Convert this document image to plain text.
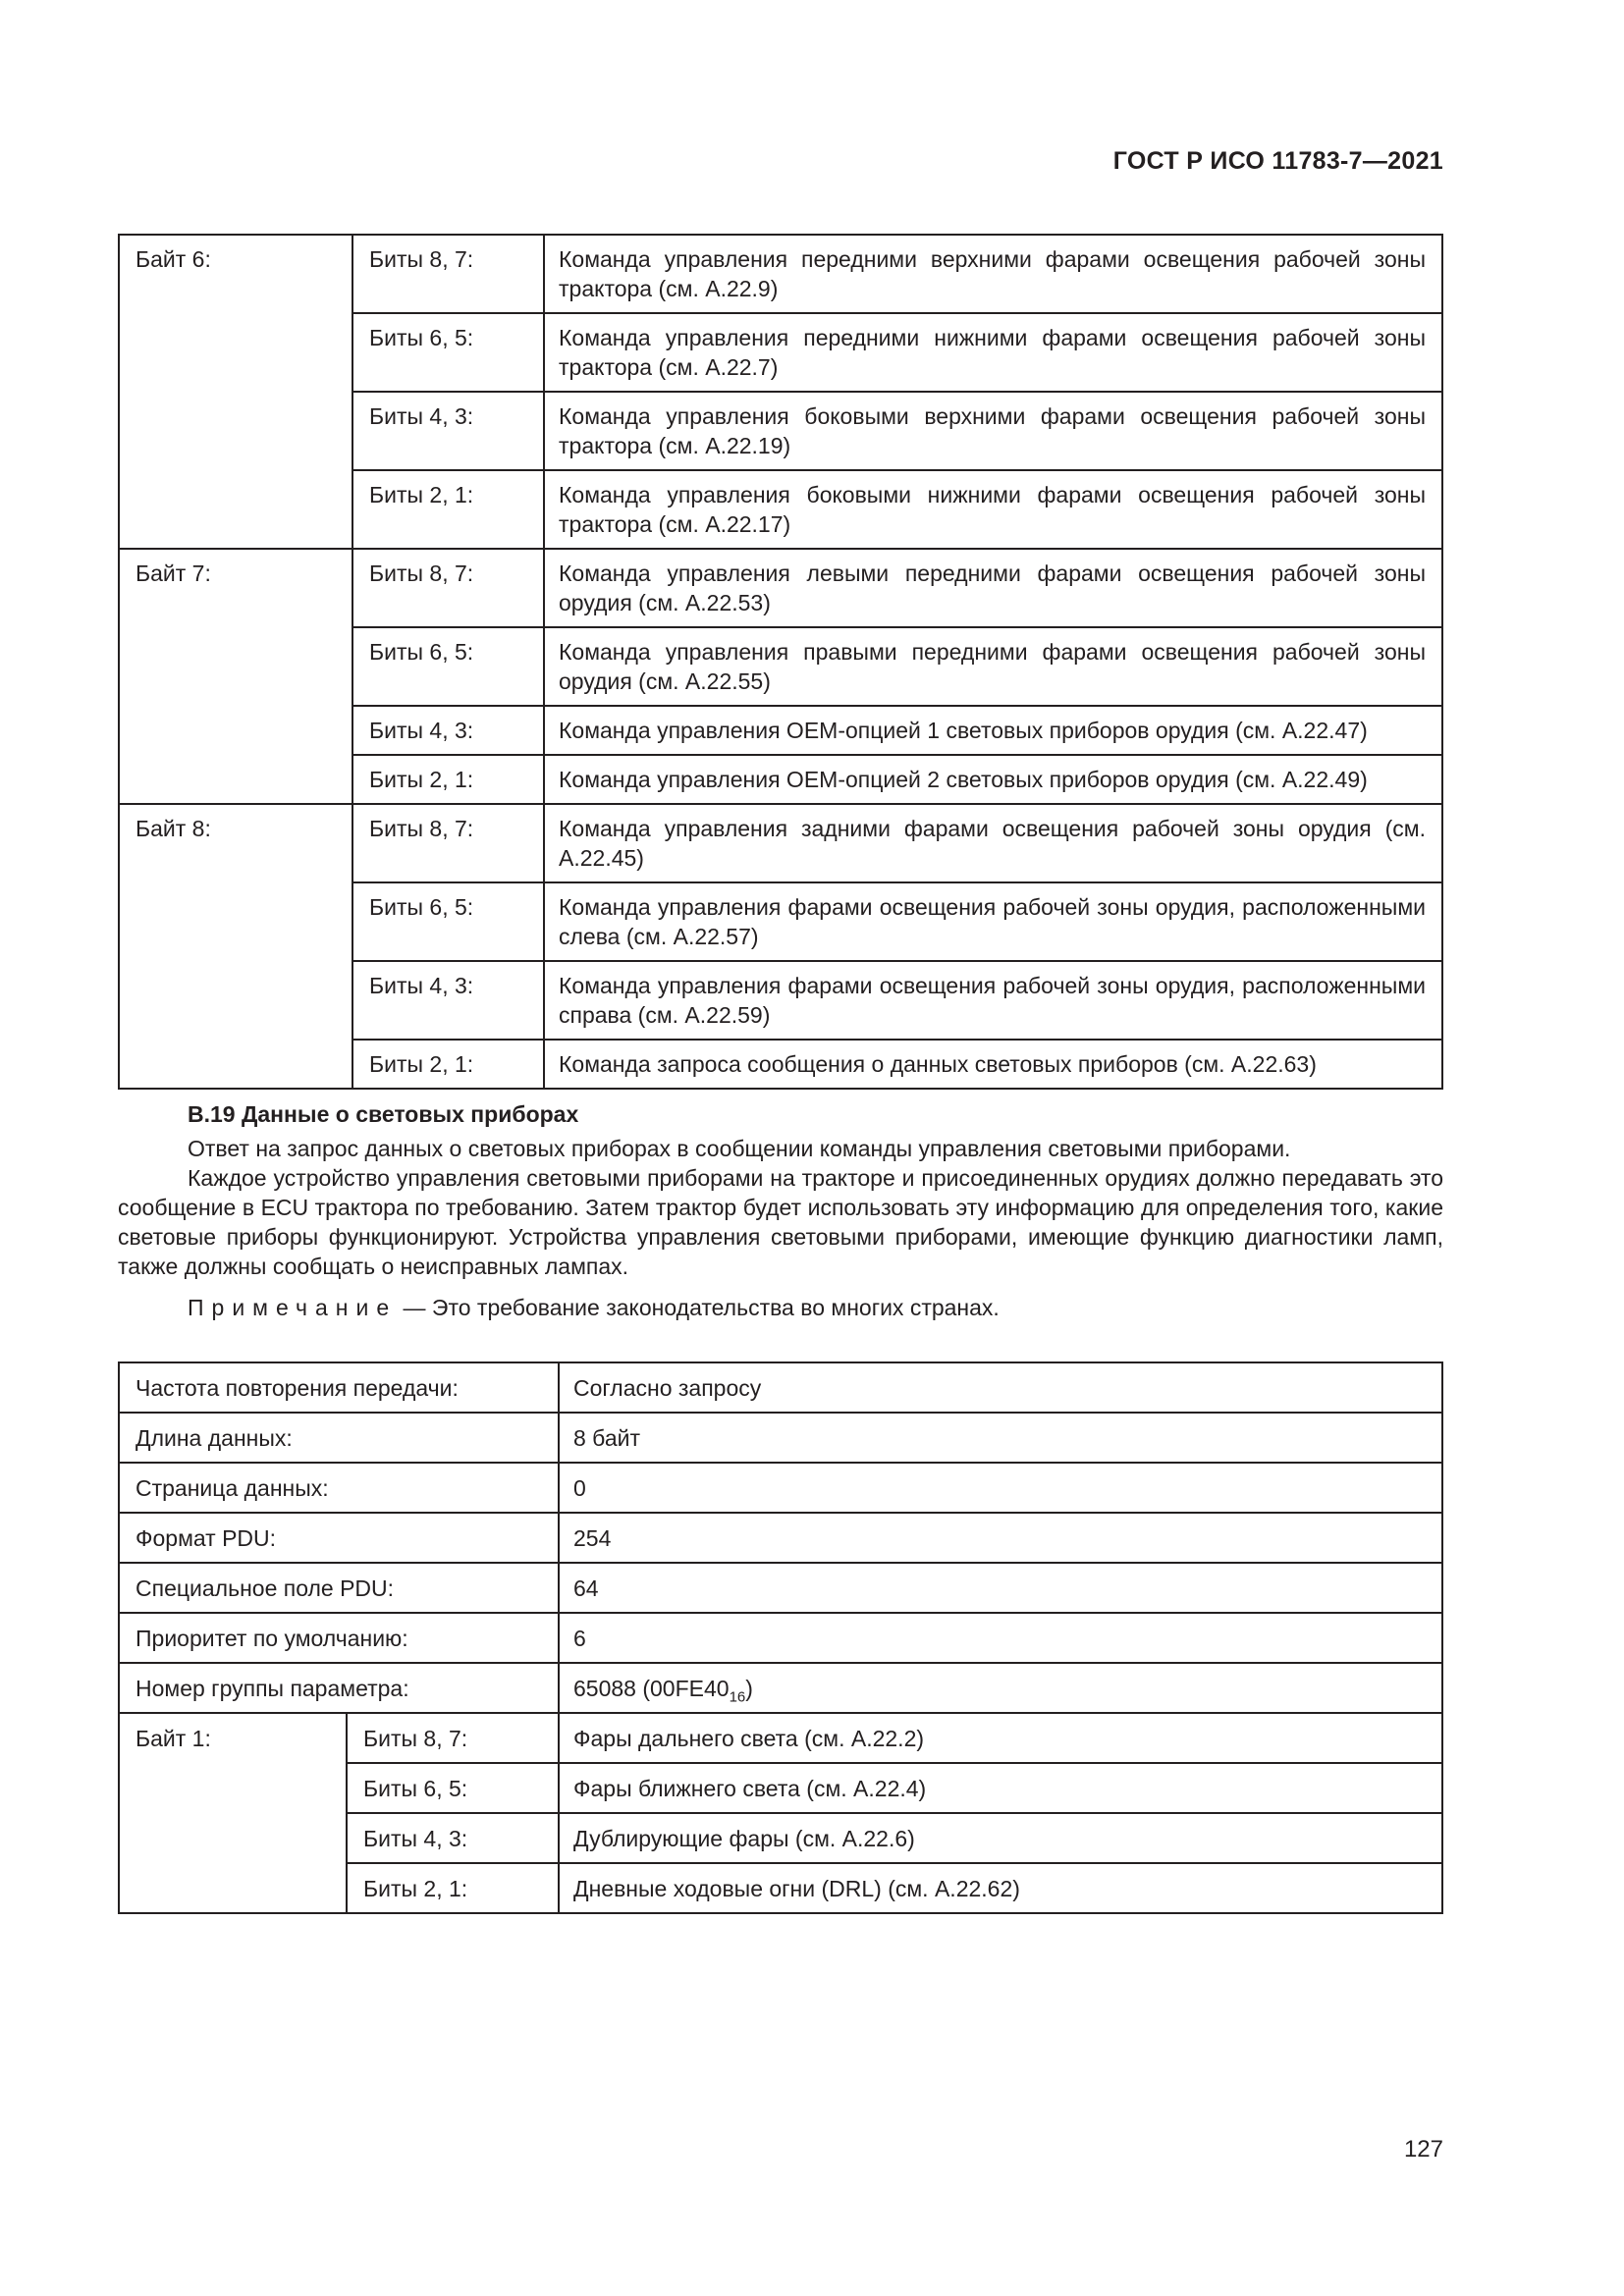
ГОСТ Р ИСО 11783-7—2021
Байт 6:	Биты 8, 7:	Команда управления передними верхними фарами освещения рабочей зоны трактора (см. A.22.9)
	Биты 6, 5:	Команда управления передними нижними фарами освещения рабочей зоны трактора (см. A.22.7)
	Биты 4, 3:	Команда управления боковыми верхними фарами освещения рабочей зоны трактора (см. A.22.19)
	Биты 2, 1:	Команда управления боковыми нижними фарами освещения рабочей зоны трактора (см. A.22.17)
Байт 7:	Биты 8, 7:	Команда управления левыми передними фарами освещения рабочей зоны орудия (см. A.22.53)
	Биты 6, 5:	Команда управления правыми передними фарами освещения рабочей зоны орудия (см. A.22.55)
	Биты 4, 3:	Команда управления OEM-опцией 1 световых приборов орудия (см. A.22.47)
	Биты 2, 1:	Команда управления OEM-опцией 2 световых приборов орудия (см. A.22.49)
Байт 8:	Биты 8, 7:	Команда управления задними фарами освещения рабочей зоны орудия (см. A.22.45)
	Биты 6, 5:	Команда управления фарами освещения рабочей зоны орудия, расположенными слева (см. A.22.57)
	Биты 4, 3:	Команда управления фарами освещения рабочей зоны орудия, расположенными справа (см. A.22.59)
	Биты 2, 1:	Команда запроса сообщения о данных световых приборов (см. A.22.63)
В.19 Данные о световых приборах

Ответ на запрос данных о световых приборах в сообщении команды управления световыми приборами.

Каждое устройство управления световыми приборами на тракторе и присоединенных орудиях должно передавать это сообщение в ECU трактора по требованию. Затем трактор будет использовать эту информацию для определения того, какие световые приборы функционируют. Устройства управления световыми приборами, имеющие функцию диагностики ламп, также должны сообщать о неисправных лампах.

Примечание — Это требование законодательства во многих странах.

Частота повторения передачи:		Согласно запросу
Длина данных:		8 байт
Страница данных:		0
Формат PDU:		254
Специальное поле PDU:		64
Приоритет по умолчанию:		6
Номер группы параметра:		65088 $(00FE40_{16})$
Байт 1:	Биты 8, 7:	Фары дальнего света (см. A.22.2)
	Биты 6, 5:	Фары ближнего света (см. A.22.4)
	Биты 4, 3:	Дублирующие фары (см. A.22.6)
	Биты 2, 1:	Дневные ходовые огни (DRL) (см. A.22.62)
127
